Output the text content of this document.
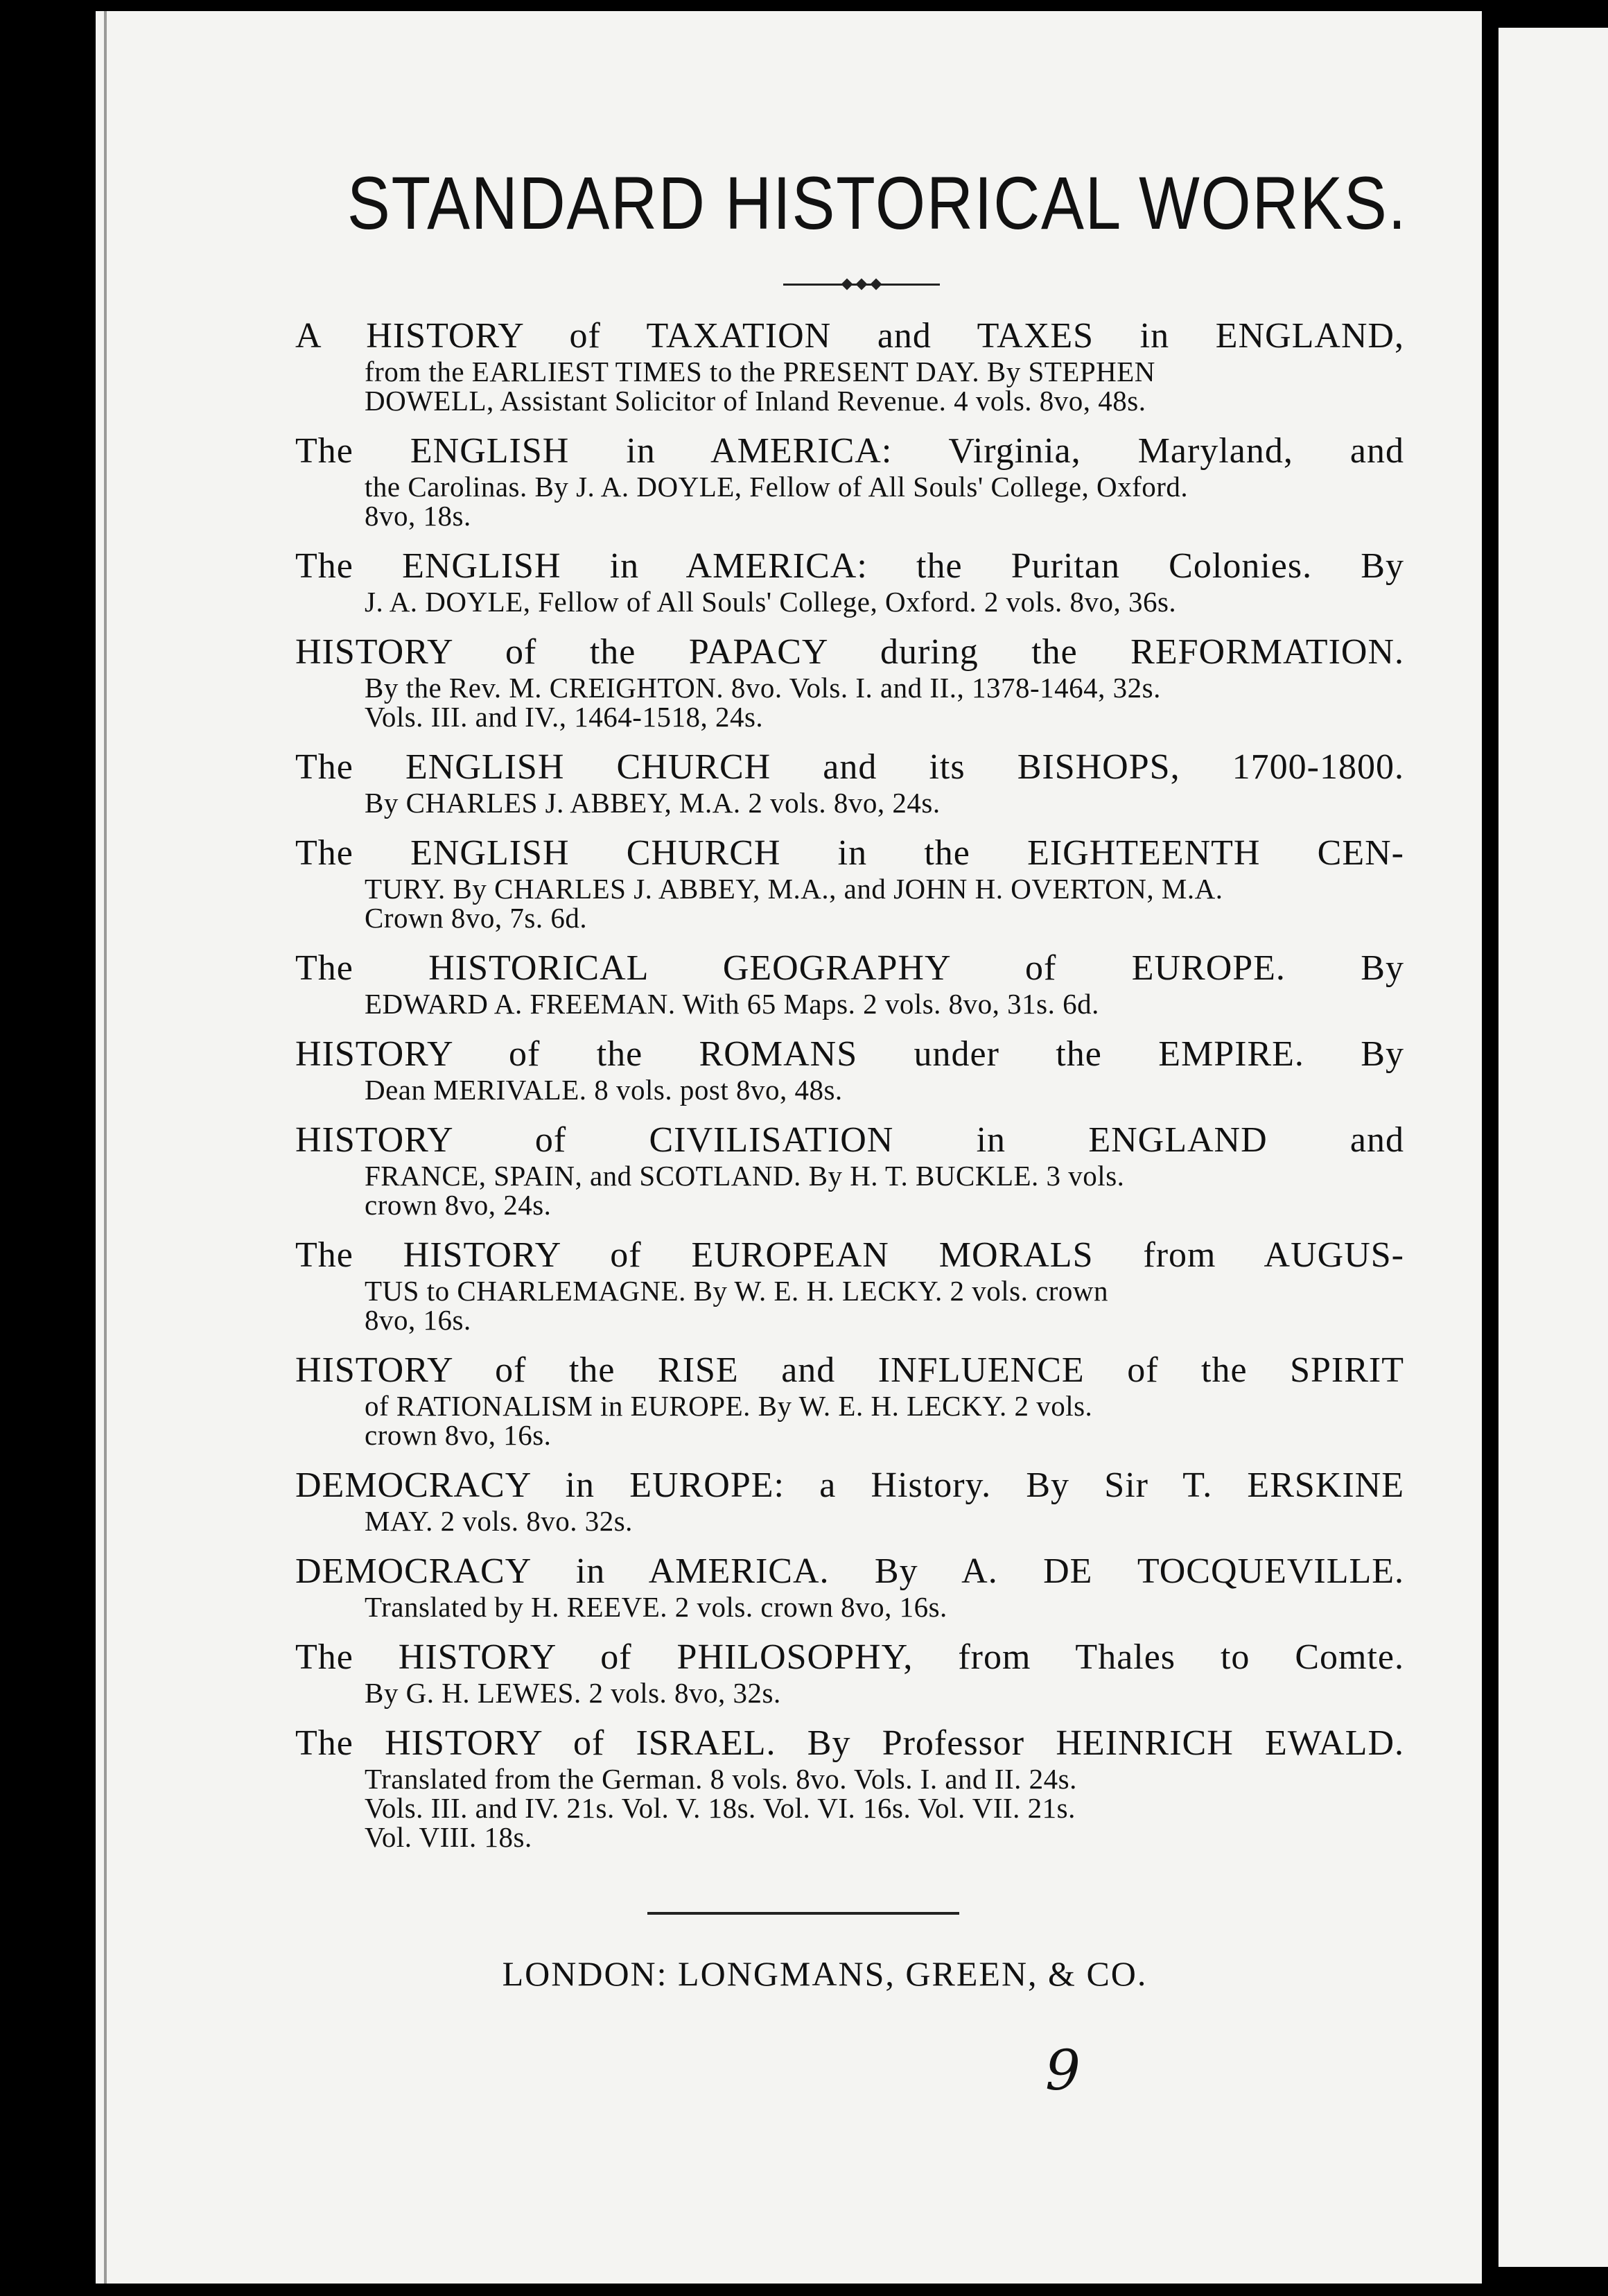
STANDARD HISTORICAL WORKS.
A HISTORY of TAXATION and TAXES in ENGLAND,
from the EARLIEST TIMES to the PRESENT DAY. By STEPHEN
DOWELL, Assistant Solicitor of Inland Revenue. 4 vols. 8vo, 48s.
The ENGLISH in AMERICA: Virginia, Maryland, and
the Carolinas. By J. A. DOYLE, Fellow of All Souls' College, Oxford.
8vo, 18s.
The ENGLISH in AMERICA: the Puritan Colonies. By
J. A. DOYLE, Fellow of All Souls' College, Oxford. 2 vols. 8vo, 36s.
HISTORY of the PAPACY during the REFORMATION.
By the Rev. M. CREIGHTON. 8vo. Vols. I. and II., 1378-1464, 32s.
Vols. III. and IV., 1464-1518, 24s.
The ENGLISH CHURCH and its BISHOPS, 1700-1800.
By CHARLES J. ABBEY, M.A. 2 vols. 8vo, 24s.
The ENGLISH CHURCH in the EIGHTEENTH CEN-
TURY. By CHARLES J. ABBEY, M.A., and JOHN H. OVERTON, M.A.
Crown 8vo, 7s. 6d.
The HISTORICAL GEOGRAPHY of EUROPE. By
EDWARD A. FREEMAN. With 65 Maps. 2 vols. 8vo, 31s. 6d.
HISTORY of the ROMANS under the EMPIRE. By
Dean MERIVALE. 8 vols. post 8vo, 48s.
HISTORY of CIVILISATION in ENGLAND and
FRANCE, SPAIN, and SCOTLAND. By H. T. BUCKLE. 3 vols.
crown 8vo, 24s.
The HISTORY of EUROPEAN MORALS from AUGUS-
TUS to CHARLEMAGNE. By W. E. H. LECKY. 2 vols. crown
8vo, 16s.
HISTORY of the RISE and INFLUENCE of the SPIRIT
of RATIONALISM in EUROPE. By W. E. H. LECKY. 2 vols.
crown 8vo, 16s.
DEMOCRACY in EUROPE: a History. By Sir T. ERSKINE
MAY. 2 vols. 8vo. 32s.
DEMOCRACY in AMERICA. By A. DE TOCQUEVILLE.
Translated by H. REEVE. 2 vols. crown 8vo, 16s.
The HISTORY of PHILOSOPHY, from Thales to Comte.
By G. H. LEWES. 2 vols. 8vo, 32s.
The HISTORY of ISRAEL. By Professor HEINRICH EWALD.
Translated from the German. 8 vols. 8vo. Vols. I. and II. 24s.
Vols. III. and IV. 21s. Vol. V. 18s. Vol. VI. 16s. Vol. VII. 21s.
Vol. VIII. 18s.
LONDON: LONGMANS, GREEN, & CO.
9
